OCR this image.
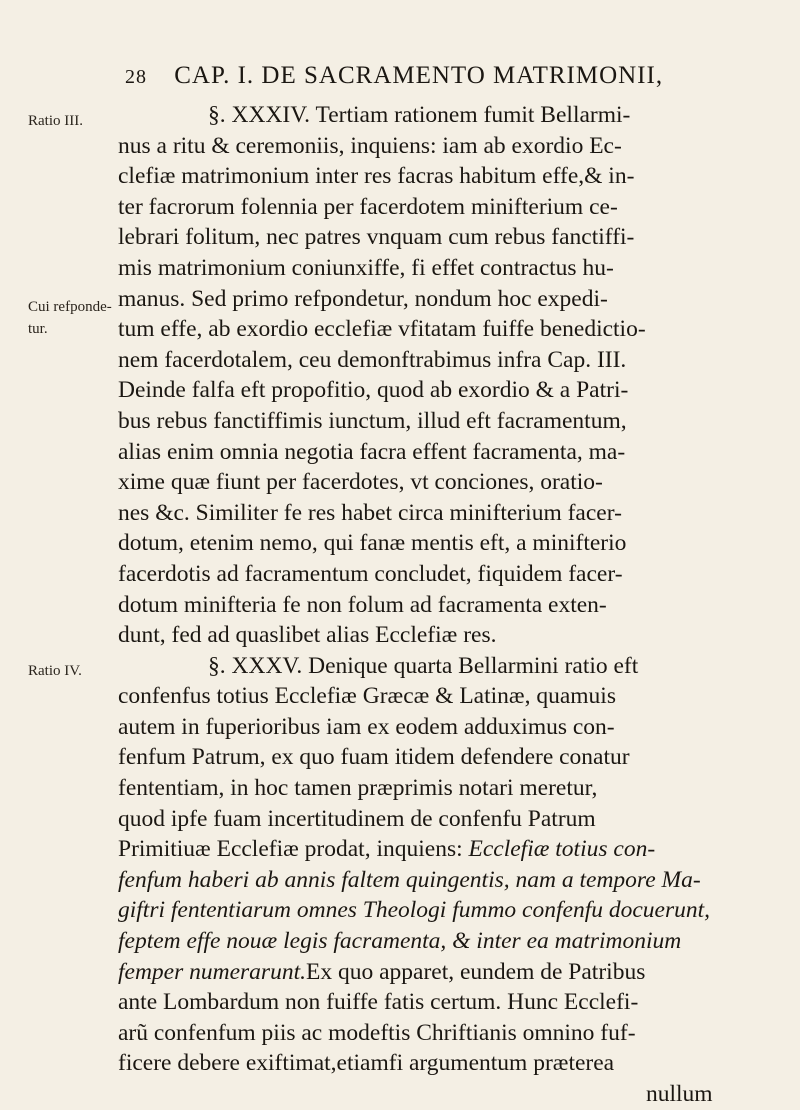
28 CAP. I. DE SACRAMENTO MATRIMONII,
Ratio III.
Cui refponde-
tur.
Ratio IV.
§. XXXIV. Tertiam rationem fumit Bellarmi-
nus a ritu & ceremoniis, inquiens: iam ab exordio Ec-
clefiæ matrimonium inter res facras habitum effe,& in-
ter facrorum folennia per facerdotem minifterium ce-
lebrari folitum, nec patres vnquam cum rebus fanctiffi-
mis matrimonium coniunxiffe, fi effet contractus hu-
manus. Sed primo refpondetur, nondum hoc expedi-
tum effe, ab exordio ecclefiæ vfitatam fuiffe benedictio-
nem facerdotalem, ceu demonftrabimus infra Cap. III.
Deinde falfa eft propofitio, quod ab exordio & a Patri-
bus rebus fanctiffimis iunctum, illud eft facramentum,
alias enim omnia negotia facra effent facramenta, ma-
xime quæ fiunt per facerdotes, vt conciones, oratio-
nes &c. Similiter fe res habet circa minifterium facer-
dotum, etenim nemo, qui fanæ mentis eft, a minifterio
facerdotis ad facramentum concludet, fiquidem facer-
dotum minifteria fe non folum ad facramenta exten-
dunt, fed ad quaslibet alias Ecclefiæ res.
§. XXXV. Denique quarta Bellarmini ratio eft
confenfus totius Ecclefiæ Græcæ & Latinæ, quamuis
autem in fuperioribus iam ex eodem adduximus con-
fenfum Patrum, ex quo fuam itidem defendere conatur
fententiam, in hoc tamen præprimis notari meretur,
quod ipfe fuam incertitudinem de confenfu Patrum
Primitiuæ Ecclefiæ prodat, inquiens: Ecclefiæ totius con-
fenfum haberi ab annis faltem quingentis, nam a tempore Ma-
giftri fententiarum omnes Theologi fummo confenfu docuerunt,
feptem effe nouæ legis facramenta, & inter ea matrimonium
femper numerarunt.Ex quo apparet, eundem de Patribus
ante Lombardum non fuiffe fatis certum. Hunc Ecclefi-
arũ confenfum piis ac modeftis Chriftianis omnino fuf-
ficere debere exiftimat,etiamfi argumentum præterea
nullum
